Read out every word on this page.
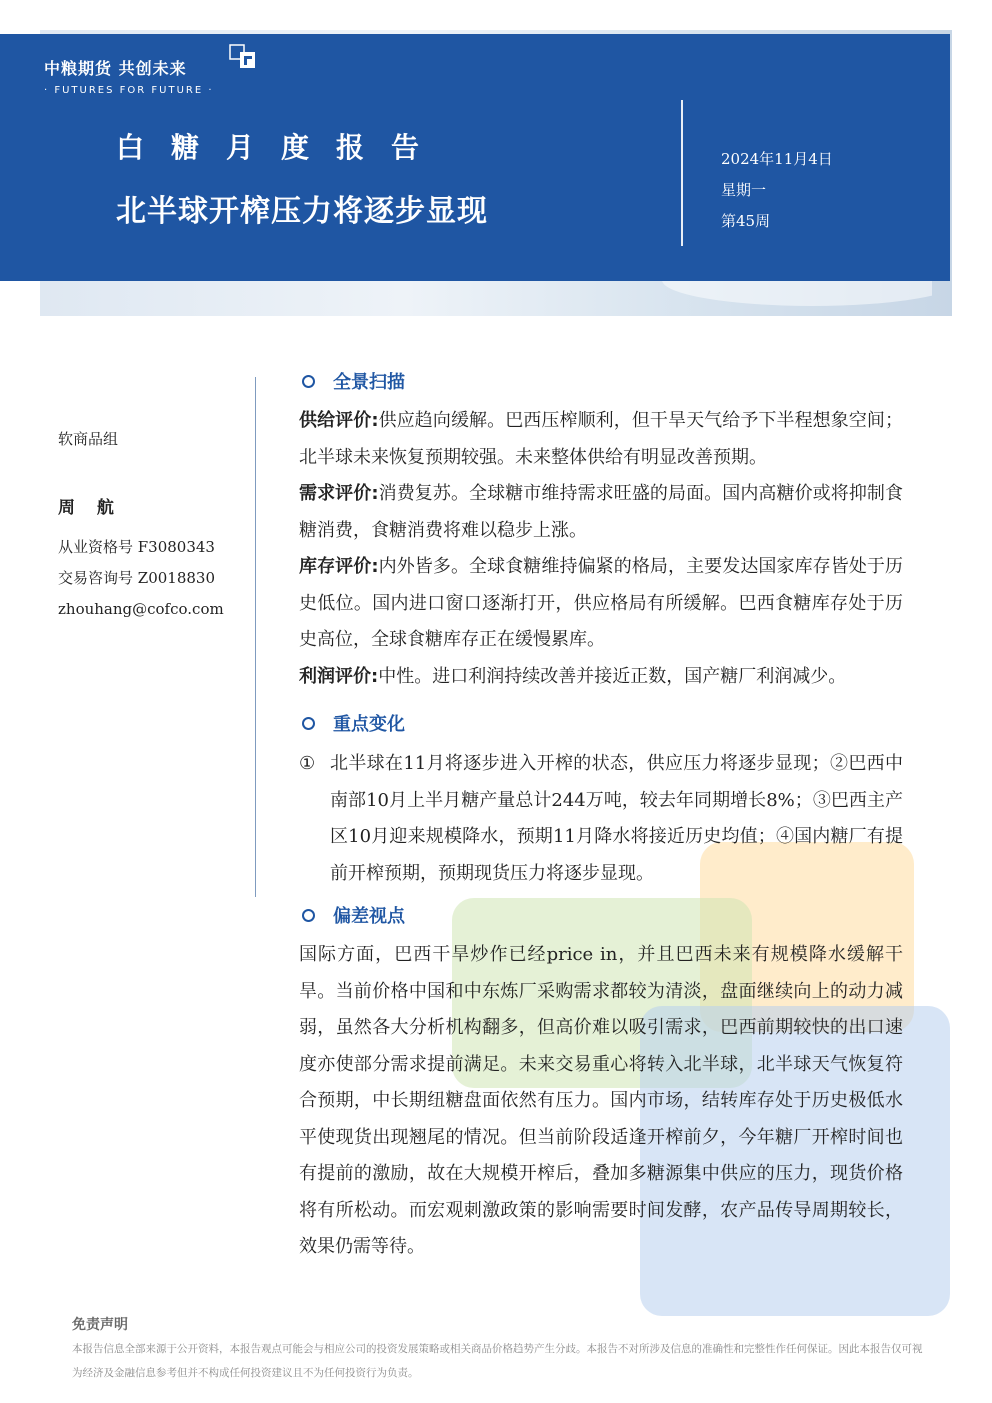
中粮期货 共创未来
· FUTURES FOR FUTURE ·
白糖月度报告
北半球开榨压力将逐步显现
2024年11月4日
星期一
第45周
软商品组
周 航
从业资格号 F3080343
交易咨询号 Z0018830
zhouhang@cofco.com
全景扫描

供给评价:供应趋向缓解。巴西压榨顺利，但干旱天气给予下半程想象空间；北半球未来恢复预期较强。未来整体供给有明显改善预期。

需求评价:消费复苏。全球糖市维持需求旺盛的局面。国内高糖价或将抑制食糖消费，食糖消费将难以稳步上涨。

库存评价:内外皆多。全球食糖维持偏紧的格局，主要发达国家库存皆处于历史低位。国内进口窗口逐渐打开，供应格局有所缓解。巴西食糖库存处于历史高位，全球食糖库存正在缓慢累库。

利润评价:中性。进口利润持续改善并接近正数，国产糖厂利润减少。

重点变化
① 北半球在11月将逐步进入开榨的状态，供应压力将逐步显现；②巴西中南部10月上半月糖产量总计244万吨，较去年同期增长8%；③巴西主产区10月迎来规模降水，预期11月降水将接近历史均值；④国内糖厂有提前开榨预期，预期现货压力将逐步显现。
偏差视点

国际方面，巴西干旱炒作已经price in，并且巴西未来有规模降水缓解干旱。当前价格中国和中东炼厂采购需求都较为清淡，盘面继续向上的动力减弱，虽然各大分析机构翻多，但高价难以吸引需求，巴西前期较快的出口速度亦使部分需求提前满足。未来交易重心将转入北半球，北半球天气恢复符合预期，中长期纽糖盘面依然有压力。国内市场，结转库存处于历史极低水平使现货出现翘尾的情况。但当前阶段适逢开榨前夕，今年糖厂开榨时间也有提前的激励，故在大规模开榨后，叠加多糖源集中供应的压力，现货价格将有所松动。而宏观刺激政策的影响需要时间发酵，农产品传导周期较长，效果仍需等待。

免责声明
本报告信息全部来源于公开资料，本报告观点可能会与相应公司的投资发展策略或相关商品价格趋势产生分歧。本报告不对所涉及信息的准确性和完整性作任何保证。因此本报告仅可视为经济及金融信息参考但并不构成任何投资建议且不为任何投资行为负责。
